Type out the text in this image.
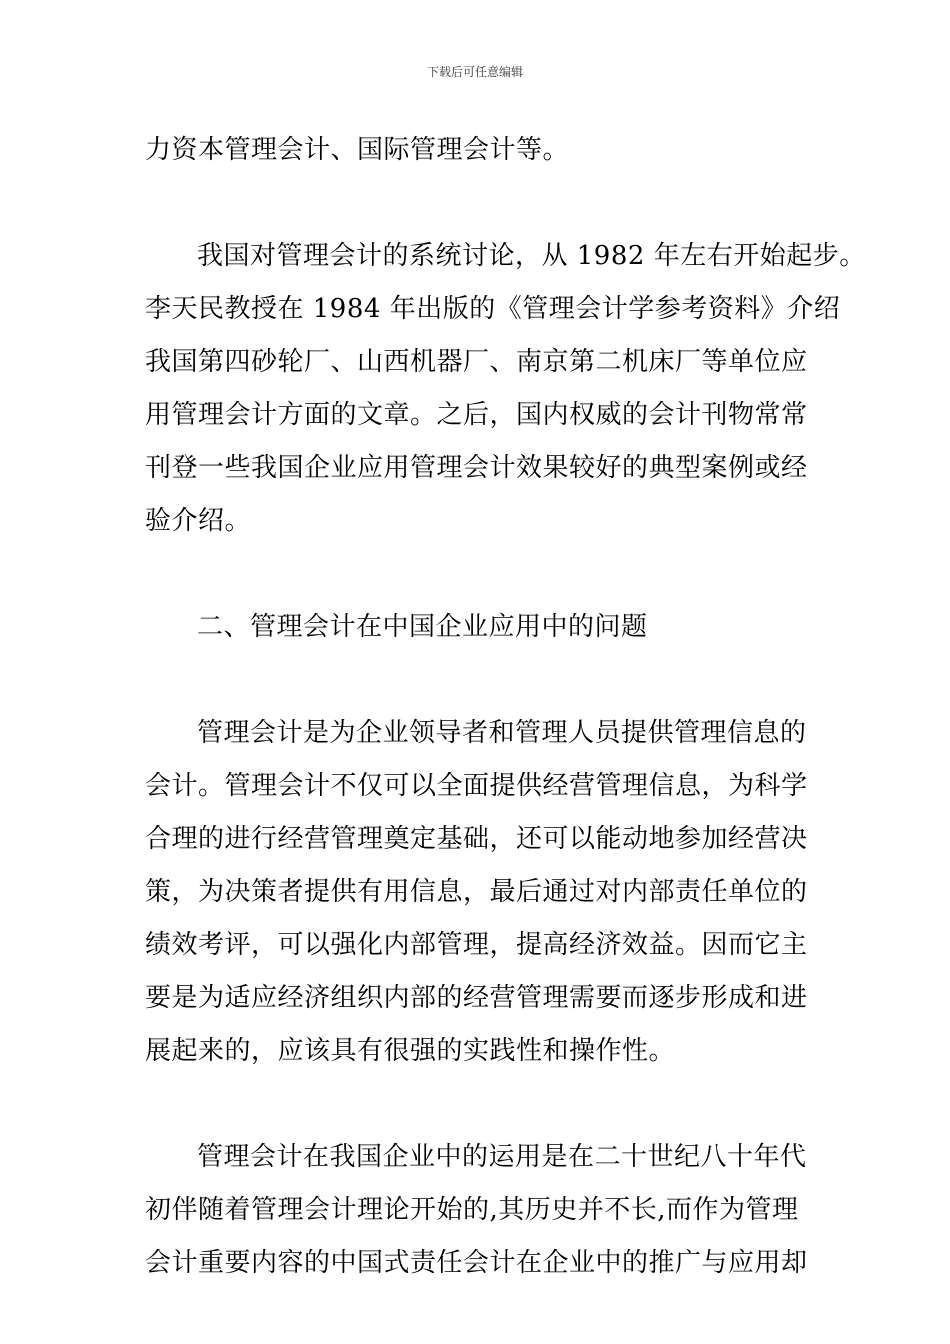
下载后可任意编辑
力资本管理会计、国际管理会计等。
我国对管理会计的系统讨论，从 1982 年左右开始起步。
李天民教授在 1984 年出版的《管理会计学参考资料》介绍
我国第四砂轮厂、山西机器厂、南京第二机床厂等单位应
用管理会计方面的文章。之后，国内权威的会计刊物常常
刊登一些我国企业应用管理会计效果较好的典型案例或经
验介绍。
二、管理会计在中国企业应用中的问题
管理会计是为企业领导者和管理人员提供管理信息的
会计。管理会计不仅可以全面提供经营管理信息，为科学
合理的进行经营管理奠定基础，还可以能动地参加经营决
策，为决策者提供有用信息，最后通过对内部责任单位的
绩效考评，可以强化内部管理，提高经济效益。因而它主
要是为适应经济组织内部的经营管理需要而逐步形成和进
展起来的，应该具有很强的实践性和操作性。
管理会计在我国企业中的运用是在二十世纪八十年代
初伴随着管理会计理论开始的,其历史并不长,而作为管理
会计重要内容的中国式责任会计在企业中的推广与应用却
